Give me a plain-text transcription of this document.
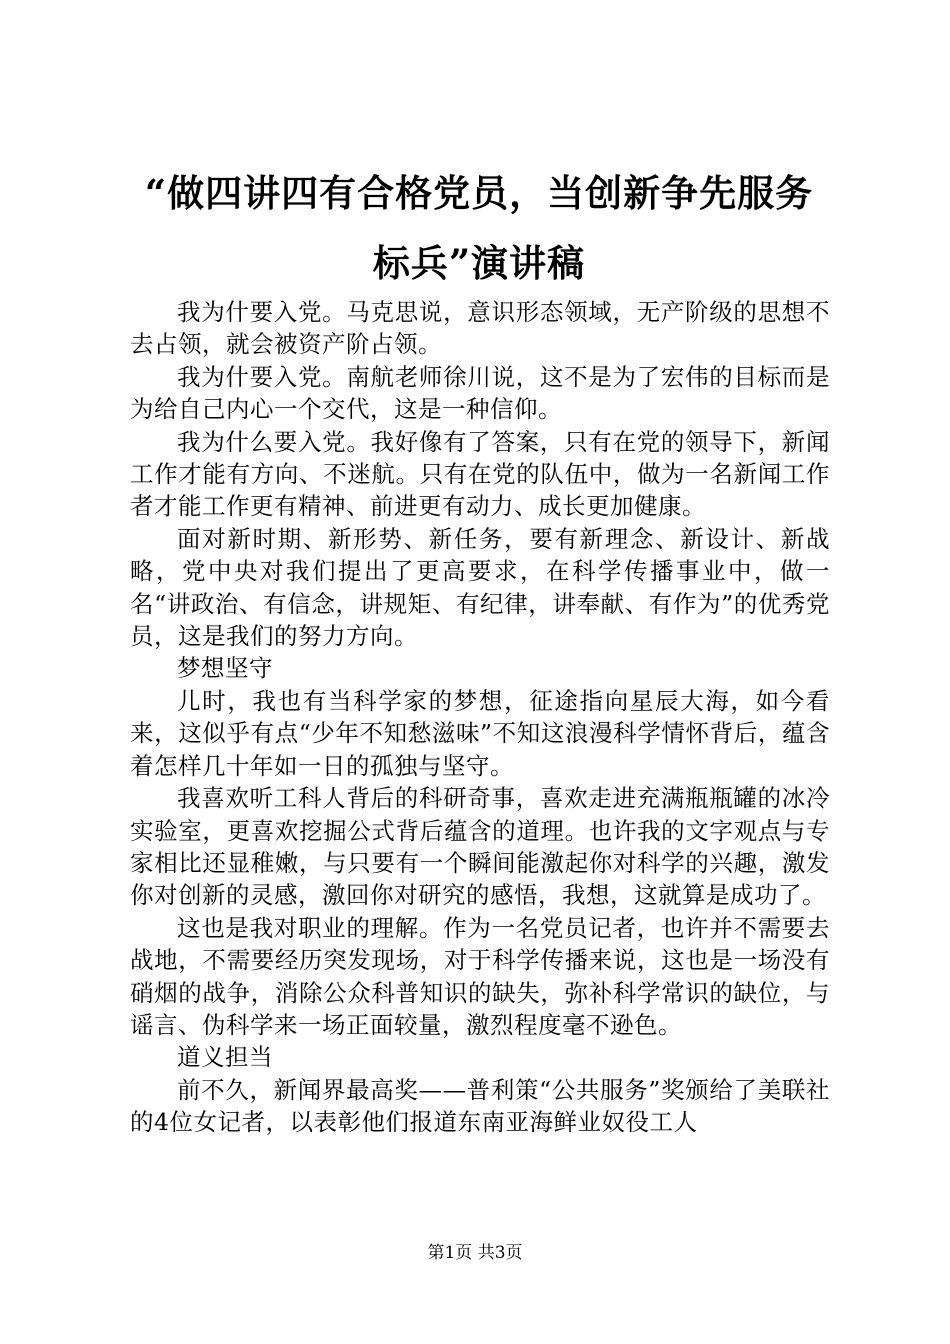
“做四讲四有合格党员，当创新争先服务标兵”演讲稿

我为什要入党。马克思说，意识形态领域，无产阶级的思想不去占领，就会被资产阶占领。

我为什要入党。南航老师徐川说，这不是为了宏伟的目标而是为给自己内心一个交代，这是一种信仰。

我为什么要入党。我好像有了答案，只有在党的领导下，新闻工作才能有方向、不迷航。只有在党的队伍中，做为一名新闻工作者才能工作更有精神、前进更有动力、成长更加健康。

面对新时期、新形势、新任务，要有新理念、新设计、新战略，党中央对我们提出了更高要求，在科学传播事业中，做一名“讲政治、有信念，讲规矩、有纪律，讲奉献、有作为”的优秀党员，这是我们的努力方向。

梦想坚守

儿时，我也有当科学家的梦想，征途指向星辰大海，如今看来，这似乎有点“少年不知愁滋味”不知这浪漫科学情怀背后，蕴含着怎样几十年如一日的孤独与坚守。

我喜欢听工科人背后的科研奇事，喜欢走进充满瓶瓶罐的冰冷实验室，更喜欢挖掘公式背后蕴含的道理。也许我的文字观点与专家相比还显稚嫩，与只要有一个瞬间能激起你对科学的兴趣，激发你对创新的灵感，激回你对研究的感悟，我想，这就算是成功了。

这也是我对职业的理解。作为一名党员记者，也许并不需要去战地，不需要经历突发现场，对于科学传播来说，这也是一场没有硝烟的战争，消除公众科普知识的缺失，弥补科学常识的缺位，与谣言、伪科学来一场正面较量，激烈程度毫不逊色。

道义担当

前不久，新闻界最高奖——普利策“公共服务”奖颁给了美联社的4位女记者，以表彰他们报道东南亚海鲜业奴役工人

第1页 共3页
